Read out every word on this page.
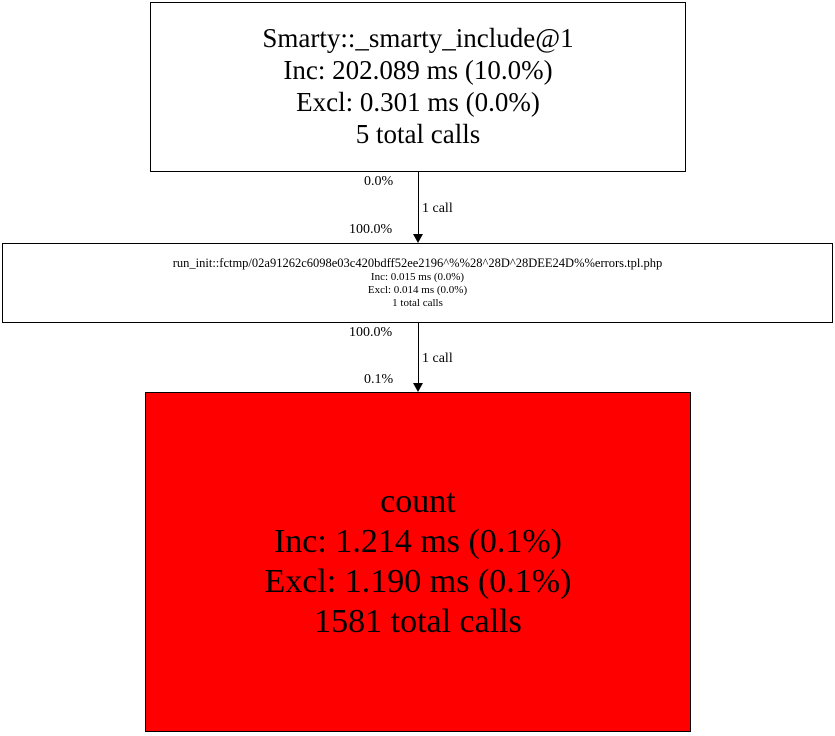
Smarty::_smarty_include@1
Inc: 202.089 ms (10.0%)
Excl: 0.301 ms (0.0%)
5 total calls
0.0%
1 call
100.0%
run_init::fctmp/02a91262c6098e03c420bdff52ee2196^%%28^28D^28DEE24D%%errors.tpl.php
Inc: 0.015 ms (0.0%)
Excl: 0.014 ms (0.0%)
1 total calls
100.0%
1 call
0.1%
count
Inc: 1.214 ms (0.1%)
Excl: 1.190 ms (0.1%)
1581 total calls
